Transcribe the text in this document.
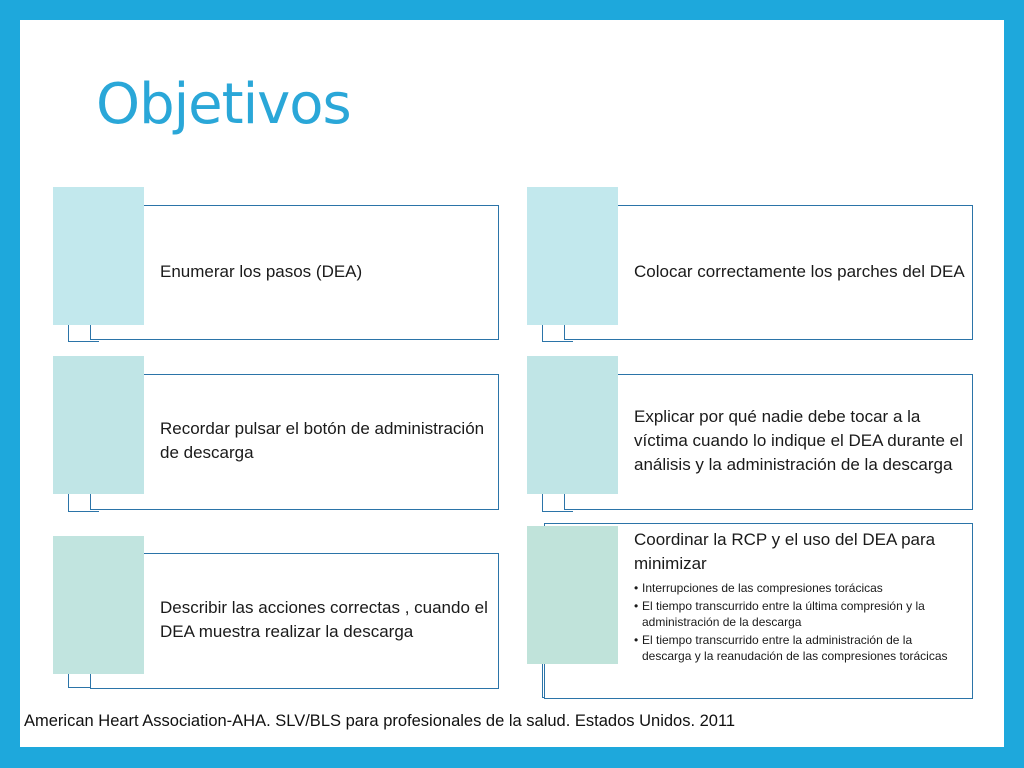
Objetivos
Enumerar los pasos (DEA)
Recordar pulsar el botón de administración de descarga
Describir las acciones correctas , cuando el DEA muestra realizar la descarga
Colocar correctamente los parches del DEA
Explicar por qué nadie debe tocar a la víctima cuando lo indique el DEA durante el análisis y la administración de la descarga
Coordinar la RCP y el uso del DEA para minimizar
• Interrupciones de las compresiones torácicas
• El tiempo transcurrido entre la última compresión y la administración de la descarga
• El tiempo transcurrido entre la administración de la descarga y la reanudación de las compresiones torácicas
American Heart Association-AHA. SLV/BLS para profesionales de la salud. Estados Unidos. 2011
